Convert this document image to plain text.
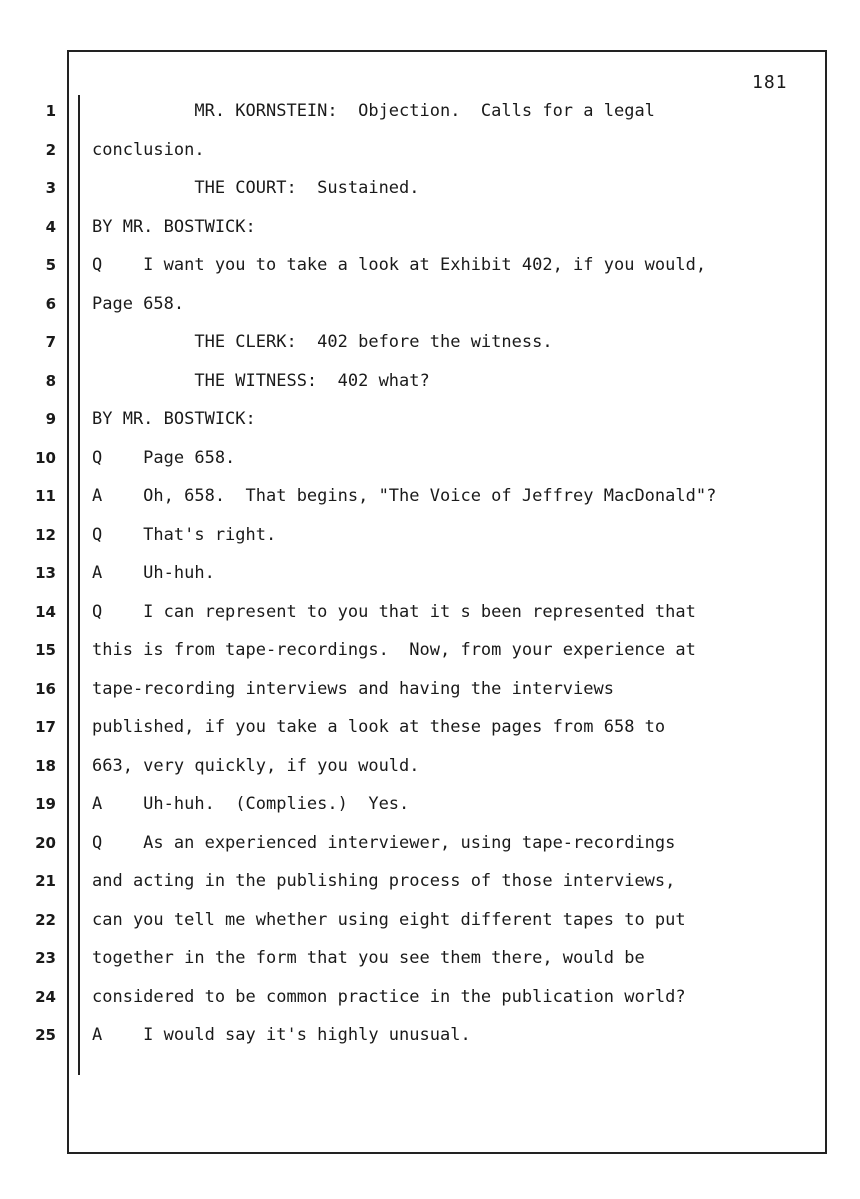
181
1 MR. KORNSTEIN:  Objection.  Calls for a legal
2 conclusion.
3 THE COURT:  Sustained.
4 BY MR. BOSTWICK:
5 Q    I want you to take a look at Exhibit 402, if you would,
6 Page 658.
7 THE CLERK:  402 before the witness.
8 THE WITNESS:  402 what?
9 BY MR. BOSTWICK:
10 Q    Page 658.
11 A    Oh, 658.  That begins, "The Voice of Jeffrey MacDonald"?
12 Q    That's right.
13 A    Uh-huh.
14 Q    I can represent to you that it s been represented that
15 this is from tape-recordings.  Now, from your experience at
16 tape-recording interviews and having the interviews
17 published, if you take a look at these pages from 658 to
18 663, very quickly, if you would.
19 A    Uh-huh.  (Complies.)  Yes.
20 Q    As an experienced interviewer, using tape-recordings
21 and acting in the publishing process of those interviews,
22 can you tell me whether using eight different tapes to put
23 together in the form that you see them there, would be
24 considered to be common practice in the publication world?
25 A    I would say it's highly unusual.
